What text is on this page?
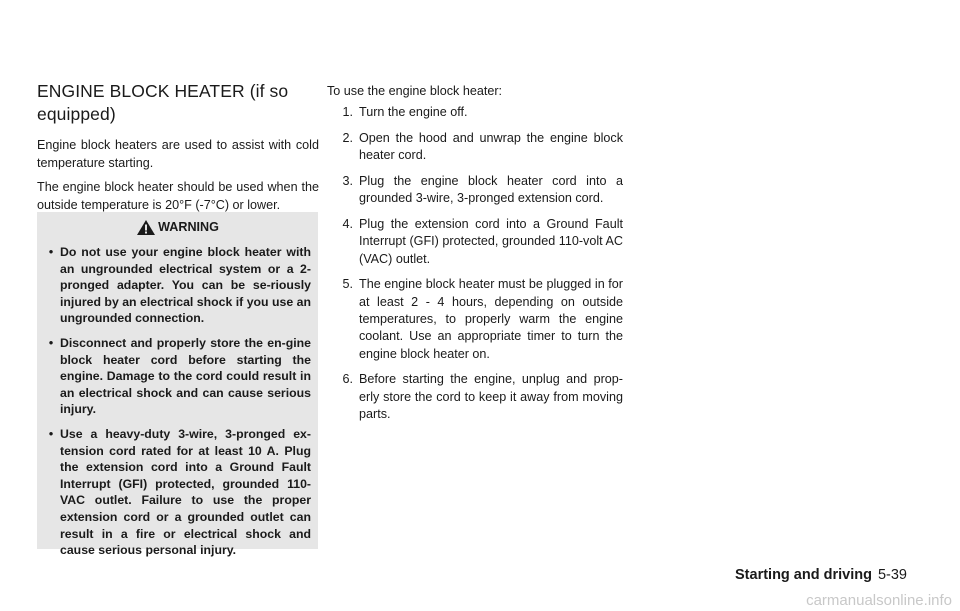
ENGINE BLOCK HEATER (if so equipped)

Engine block heaters are used to assist with cold temperature starting.

The engine block heater should be used when the outside temperature is 20°F (-7°C) or lower.

WARNING
• Do not use your engine block heater with an ungrounded electrical system or a 2-pronged adapter. You can be se-riously injured by an electrical shock if you use an ungrounded connection.
• Disconnect and properly store the en-gine block heater cord before starting the engine. Damage to the cord could result in an electrical shock and can cause serious injury.
• Use a heavy-duty 3-wire, 3-pronged ex-tension cord rated for at least 10 A. Plug the extension cord into a Ground Fault Interrupt (GFI) protected, grounded 110-VAC outlet. Failure to use the proper extension cord or a grounded outlet can result in a fire or electrical shock and cause serious personal injury.

To use the engine block heater:

1. Turn the engine off.
2. Open the hood and unwrap the engine block heater cord.
3. Plug the engine block heater cord into a grounded 3-wire, 3-pronged extension cord.
4. Plug the extension cord into a Ground Fault Interrupt (GFI) protected, grounded 110-volt AC (VAC) outlet.
5. The engine block heater must be plugged in for at least 2 - 4 hours, depending on outside temperatures, to properly warm the engine coolant. Use an appropriate timer to turn the engine block heater on.
6. Before starting the engine, unplug and prop-erly store the cord to keep it away from moving parts.
Starting and driving 5-39
carmanualsonline.info
